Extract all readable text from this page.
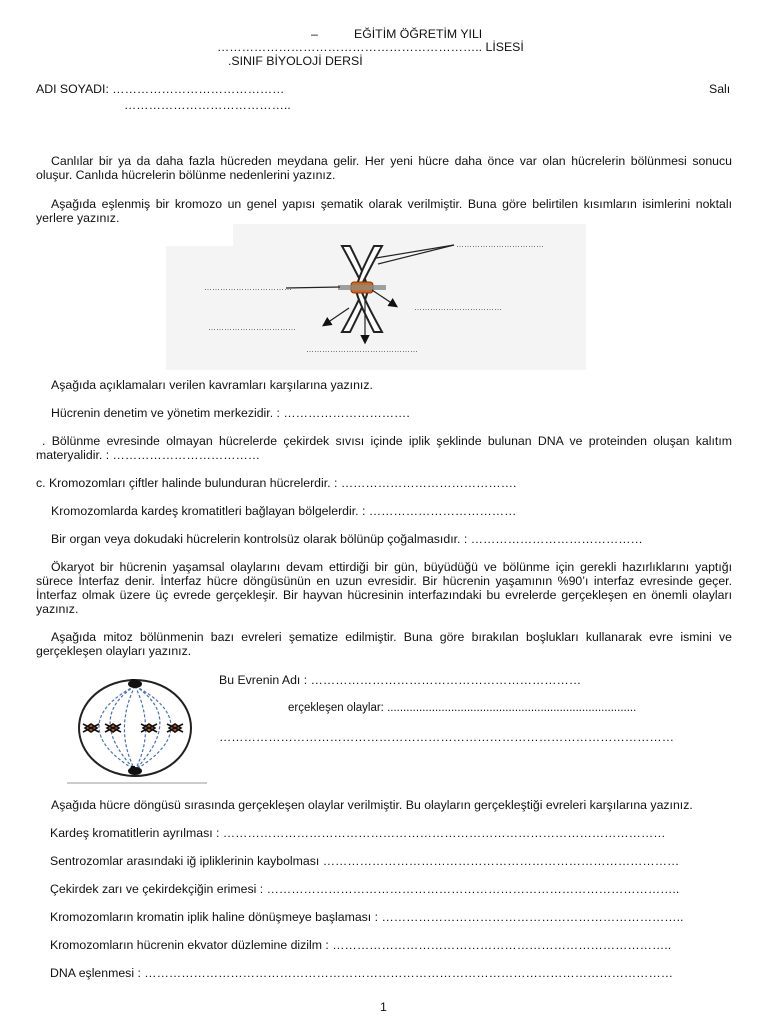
–	EĞİTİM ÖĞRETİM YILI
……………………………………………………….. LİSESİ
.SINIF BİYOLOJİ DERSİ
ADI SOYADI: ……………………………………
…………………………………..
Salı

Canlılar bir ya da daha fazla hücreden meydana gelir. Her yeni hücre daha önce var olan hücrelerin bölünmesi sonucu oluşur. Canlıda hücrelerin bölünme nedenlerini yazınız.

Aşağıda eşlenmiş bir kromozo un genel yapısı şematik olarak verilmiştir. Buna göre belirtilen kısımların isimlerini noktalı yerlere yazınız.

……………………………
……………………………
……………………………
……………………………
……………………………………
Aşağıda açıklamaları verilen kavramları karşılarına yazınız.
Hücrenin denetim ve yönetim merkezidir. : ………………………….

. Bölünme evresinde olmayan hücrelerde çekirdek sıvısı içinde iplik şeklinde bulunan DNA ve proteinden oluşan kalıtım materyalidir. : ………………………………

c. Kromozomları çiftler halinde bulunduran hücrelerdir. : …………………………………….
Kromozomlarda kardeş kromatitleri bağlayan bölgelerdir. : ………………………………
Bir organ veya dokudaki hücrelerin kontrolsüz olarak bölünüp çoğalmasıdır. : ……………………………………

Ökaryot bir hücrenin yaşamsal olaylarını devam ettirdiği bir gün, büyüdüğü ve bölünme için gerekli hazırlıklarını yaptığı sürece İnterfaz denir. İnterfaz hücre döngüsünün en uzun evresidir. Bir hücrenin yaşamının %90’ı interfaz evresinde geçer. İnterfaz olmak üzere üç evrede gerçekleşir. Bir hayvan hücresinin interfazındaki bu evrelerde gerçekleşen en önemli olayları yazınız.

Aşağıda mitoz bölünmenin bazı evreleri şematize edilmiştir. Buna göre bırakılan boşlukları kullanarak evre ismini ve gerçekleşen olayları yazınız.

Bu Evrenin Adı : …………………………………………………………
erçekleşen olaylar: ..............................................................................
…………………………………………………………………………………………………
Aşağıda hücre döngüsü sırasında gerçekleşen olaylar verilmiştir. Bu olayların gerçekleştiği evreleri karşılarına yazınız.
Kardeş kromatitlerin ayrılması : ………………………………………………………………………………………………
Sentrozomlar arasındaki iğ ipliklerinin kaybolması ……………………………………………………………………………
Çekirdek zarı ve çekirdekçiğin erimesi : ………………………………………………………………………………………..
Kromozomların kromatin iplik haline dönüşmeye başlaması : ………………………………………………………………..
Kromozomların hücrenin ekvator düzlemine dizilm : ………………………………………………………………………..
DNA eşlenmesi : …………………………………………………………………………………………………………………
1
